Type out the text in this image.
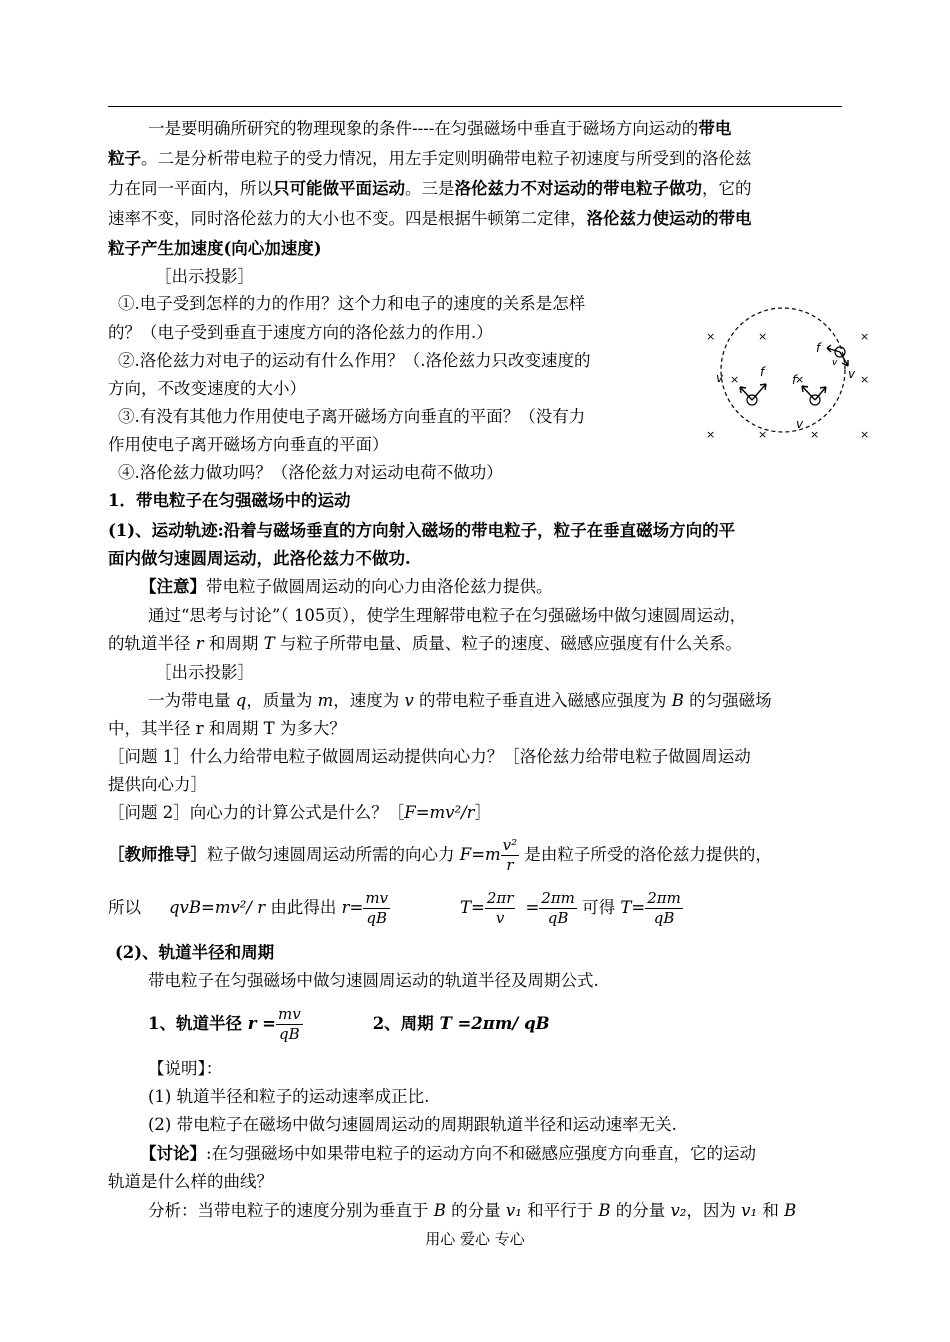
一是要明确所研究的物理现象的条件----在匀强磁场中垂直于磁场方向运动的带电
粒子。二是分析带电粒子的受力情况，用左手定则明确带电粒子初速度与所受到的洛伦兹
力在同一平面内，所以只可能做平面运动。三是洛伦兹力不对运动的带电粒子做功，它的
速率不变，同时洛伦兹力的大小也不变。四是根据牛顿第二定律，洛伦兹力使运动的带电
粒子产生加速度(向心加速度)
［出示投影］
①.电子受到怎样的力的作用？这个力和电子的速度的关系是怎样
的？（电子受到垂直于速度方向的洛伦兹力的作用.）
②.洛伦兹力对电子的运动有什么作用？（.洛伦兹力只改变速度的
方向，不改变速度的大小）
③.有没有其他力作用使电子离开磁场方向垂直的平面？（没有力
作用使电子离开磁场方向垂直的平面）
④.洛伦兹力做功吗？（洛伦兹力对运动电荷不做功）
×	×	×
×	×	×
×	×	×	×
f
f
f
v
v
v
v
1．带电粒子在匀强磁场中的运动
(1)、运动轨迹:沿着与磁场垂直的方向射入磁场的带电粒子，粒子在垂直磁场方向的平
面内做匀速圆周运动，此洛伦兹力不做功.
【注意】带电粒子做圆周运动的向心力由洛伦兹力提供。
通过“思考与讨论”（ 105页），使学生理解带电粒子在匀强磁场中做匀速圆周运动，
的轨道半径 r 和周期 T 与粒子所带电量、质量、粒子的速度、磁感应强度有什么关系。
［出示投影］
一为带电量 q，质量为 m，速度为 v 的带电粒子垂直进入磁感应强度为 B 的匀强磁场
中，其半径 r 和周期 T 为多大？
［问题 1］什么力给带电粒子做圆周运动提供向心力？［洛伦兹力给带电粒子做圆周运动
提供向心力］
［问题 2］向心力的计算公式是什么？［F=mv²/r］
［教师推导］粒子做匀速圆周运动所需的向心力 $F=m \frac{\text{v²}}{r}$ 是由粒子所受的洛伦兹力提供的，
所以 qvB=mv²/ r 由此得出 $r= \frac{mv}{qB}$	$T= \frac{2\pi r}{v} = \frac{2\pi m}{qB}$ 可得 $T= \frac{2\pi m}{qB}$
(2)、轨道半径和周期
带电粒子在匀强磁场中做匀速圆周运动的轨道半径及周期公式.
1、轨道半径 $r = \frac{mv}{qB}$	2、周期 T =2πm/ qB
【说明】：
(1) 轨道半径和粒子的运动速率成正比.
(2) 带电粒子在磁场中做匀速圆周运动的周期跟轨道半径和运动速率无关.
【讨论】:在匀强磁场中如果带电粒子的运动方向不和磁感应强度方向垂直，它的运动
轨道是什么样的曲线？
分析：当带电粒子的速度分别为垂直于 B 的分量 v₁ 和平行于 B 的分量 v₂，因为 v₁ 和 B
用心 爱心 专心
